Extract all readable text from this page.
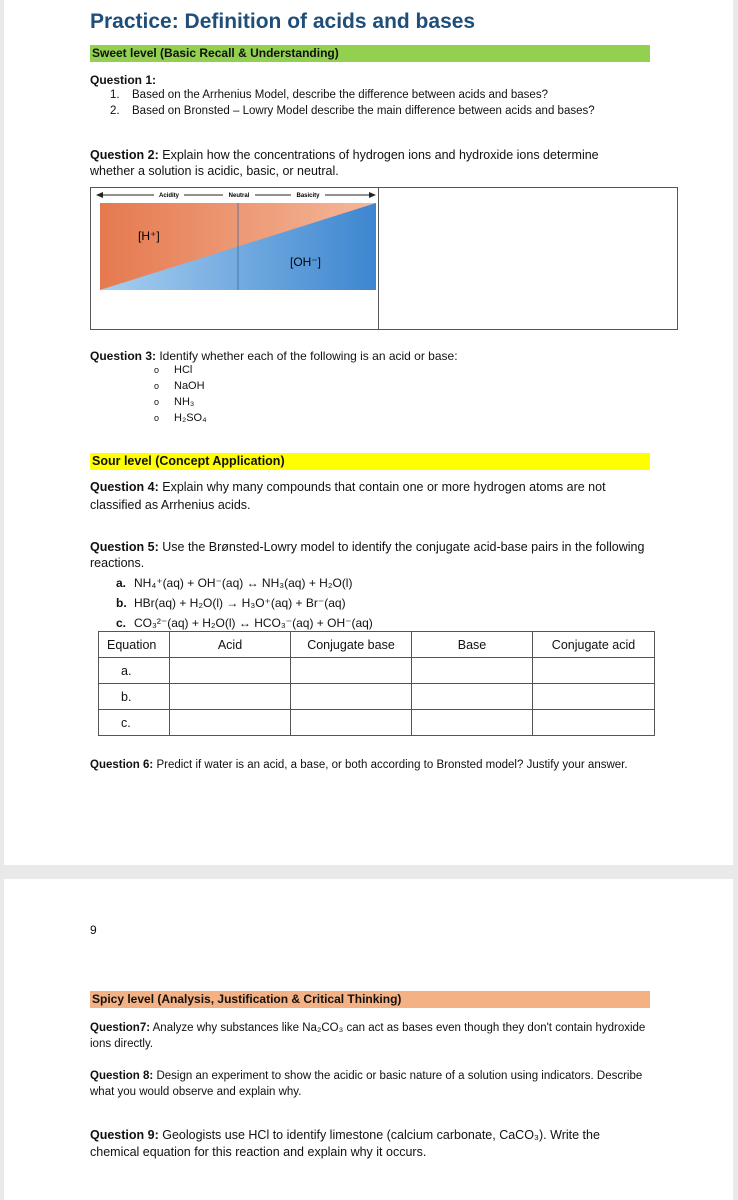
Practice: Definition of acids and bases
Sweet level (Basic Recall & Understanding)
Question 1:
1. Based on the Arrhenius Model, describe the difference between acids and bases?
2. Based on Bronsted – Lowry Model describe the main difference between acids and bases?
Question 2: Explain how the concentrations of hydrogen ions and hydroxide ions determine whether a solution is acidic, basic, or neutral.
Acidity	Neutral	Basicity
[H⁺]
[OH⁻]
Question 3: Identify whether each of the following is an acid or base:
o HCl
o NaOH
o NH₃
o H₂SO₄
Sour level (Concept Application)
Question 4: Explain why many compounds that contain one or more hydrogen atoms are not classified as Arrhenius acids.
Question 5: Use the Brønsted-Lowry model to identify the conjugate acid-base pairs in the following reactions.
a. NH₄⁺(aq) + OH⁻(aq) ↔ NH₃(aq) + H₂O(l)
b. HBr(aq) + H₂O(l) → H₃O⁺(aq) + Br⁻(aq)
c. CO₃²⁻(aq) + H₂O(l) ↔ HCO₃⁻(aq) + OH⁻(aq)
Equation	Acid	Conjugate base	Base	Conjugate acid
a.				
b.				
c.				
Question 6: Predict if water is an acid, a base, or both according to Bronsted model? Justify your answer.
9
Spicy level (Analysis, Justification & Critical Thinking)
Question7: Analyze why substances like Na₂CO₃ can act as bases even though they don't contain hydroxide ions directly.
Question 8: Design an experiment to show the acidic or basic nature of a solution using indicators. Describe what you would observe and explain why.
Question 9: Geologists use HCl to identify limestone (calcium carbonate, CaCO₃). Write the chemical equation for this reaction and explain why it occurs.
